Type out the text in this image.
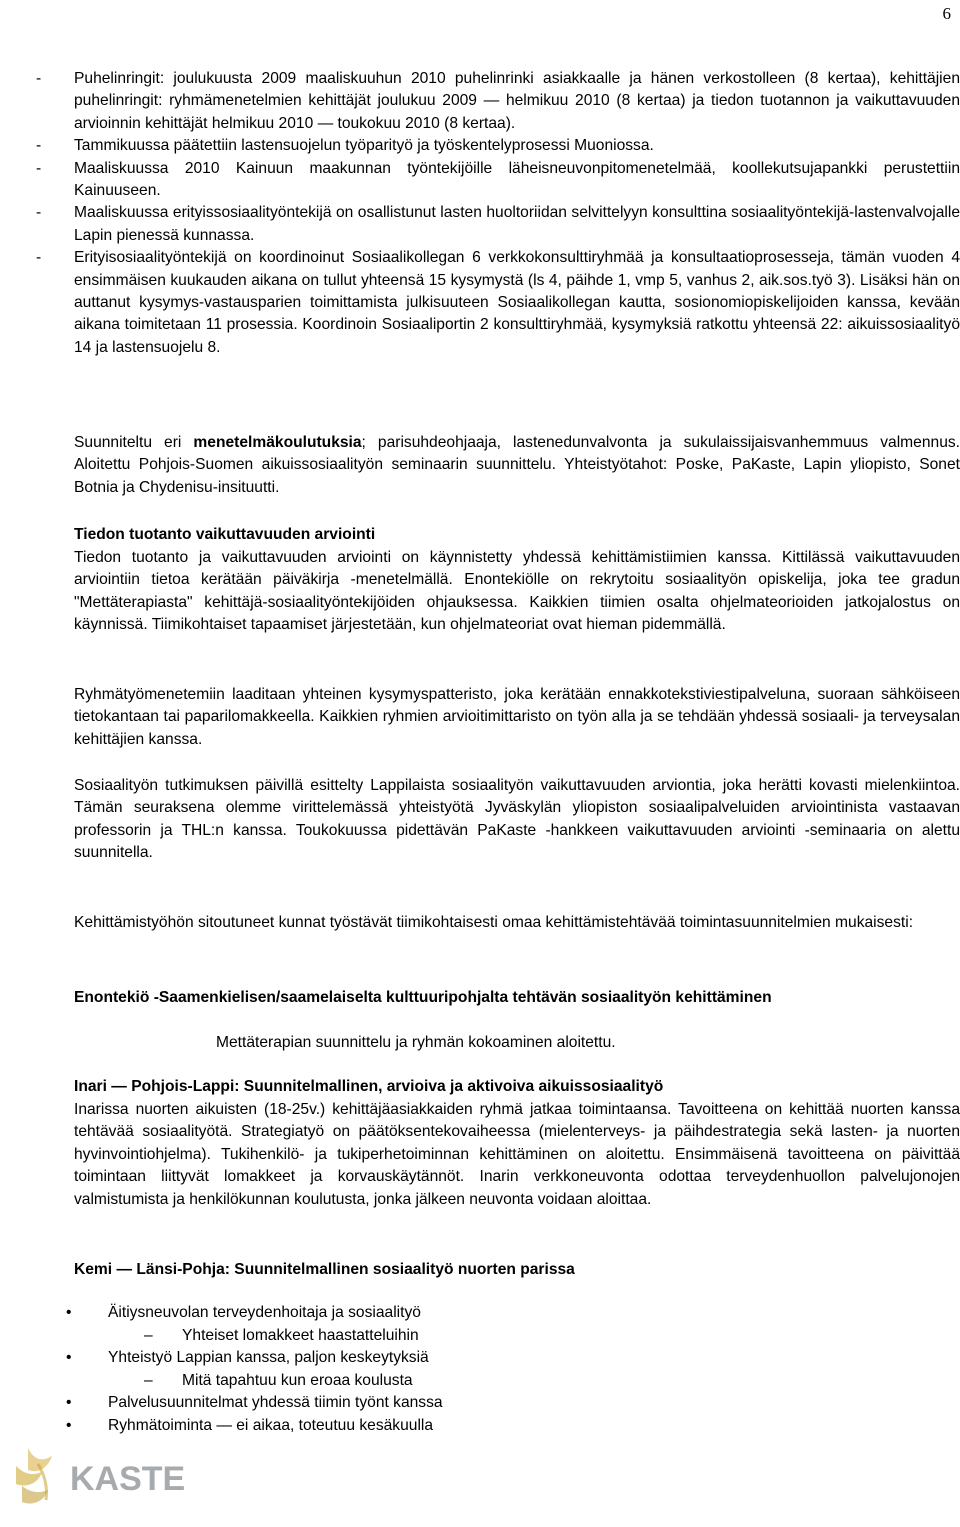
6
- Puhelinringit: joulukuusta 2009 maaliskuuhun 2010 puhelinrinki asiakkaalle ja hänen verkostolleen (8 kertaa), kehittäjien puhelinringit: ryhmämenetelmien kehittäjät joulukuu 2009 — helmikuu 2010 (8 kertaa) ja tiedon tuotannon ja vaikuttavuuden arvioinnin kehittäjät helmikuu 2010 — toukokuu 2010 (8 kertaa).
- Tammikuussa päätettiin lastensuojelun työparityö ja työskentelyprosessi Muoniossa.
- Maaliskuussa 2010 Kainuun maakunnan työntekijöille läheisneuvonpitomenetelmää, koollekutsujapankki perustettiin Kainuuseen.
- Maaliskuussa erityissosiaalityöntekijä on osallistunut lasten huoltoriidan selvittelyyn konsulttina sosiaalityöntekijä-lastenvalvojalle Lapin pienessä kunnassa.
- Erityisosiaalityöntekijä on koordinoinut Sosiaalikollegan 6 verkkokonsulttiryhmää ja konsultaatioprosesseja, tämän vuoden 4 ensimmäisen kuukauden aikana on tullut yhteensä 15 kysymystä (ls 4, päihde 1, vmp 5, vanhus 2, aik.sos.työ 3). Lisäksi hän on auttanut kysymys-vastausparien toimittamista julkisuuteen Sosiaalikollegan kautta, sosionomiopiskelijoiden kanssa, kevään aikana toimitetaan 11 prosessia. Koordinoin Sosiaaliportin 2 konsulttiryhmää, kysymyksiä ratkottu yhteensä 22: aikuissosiaalityö 14 ja lastensuojelu 8.

Suunniteltu eri menetelmäkoulutuksia; parisuhdeohjaaja, lastenedunvalvonta ja sukulaissijaisvanhemmuus valmennus. Aloitettu Pohjois-Suomen aikuissosiaalityön seminaarin suunnittelu. Yhteistyötahot: Poske, PaKaste, Lapin yliopisto, Sonet Botnia ja Chydenisu-insituutti.

Tiedon tuotanto vaikuttavuuden arviointi

Tiedon tuotanto ja vaikuttavuuden arviointi on käynnistetty yhdessä kehittämistiimien kanssa. Kittilässä vaikuttavuuden arviointiin tietoa kerätään päiväkirja -menetelmällä. Enontekiölle on rekrytoitu sosiaalityön opiskelija, joka tee gradun "Mettäterapiasta" kehittäjä-sosiaalityöntekijöiden ohjauksessa. Kaikkien tiimien osalta ohjelmateorioiden jatkojalostus on käynnissä. Tiimikohtaiset tapaamiset järjestetään, kun ohjelmateoriat ovat hieman pidemmällä.

Ryhmätyömenetemiin laaditaan yhteinen kysymyspatteristo, joka kerätään ennakkotekstiviestipalveluna, suoraan sähköiseen tietokantaan tai paparilomakkeella. Kaikkien ryhmien arvioitimittaristo on työn alla ja se tehdään yhdessä sosiaali- ja terveysalan kehittäjien kanssa.

Sosiaalityön tutkimuksen päivillä esittelty Lappilaista sosiaalityön vaikuttavuuden arviontia, joka herätti kovasti mielenkiintoa. Tämän seuraksena olemme virittelemässä yhteistyötä Jyväskylän yliopiston sosiaalipalveluiden arviointinista vastaavan professorin ja THL:n kanssa. Toukokuussa pidettävän PaKaste -hankkeen vaikuttavuuden arviointi -seminaaria on alettu suunnitella.

Kehittämistyöhön sitoutuneet kunnat työstävät tiimikohtaisesti omaa kehittämistehtävää toimintasuunnitelmien mukaisesti:

Enontekiö -Saamenkielisen/saamelaiselta kulttuuripohjalta tehtävän sosiaalityön kehittäminen

Mettäterapian suunnittelu ja ryhmän kokoaminen aloitettu.

Inari — Pohjois-Lappi: Suunnitelmallinen, arvioiva ja aktivoiva aikuissosiaalityö

Inarissa nuorten aikuisten (18-25v.) kehittäjäasiakkaiden ryhmä jatkaa toimintaansa. Tavoitteena on kehittää nuorten kanssa tehtävää sosiaalityötä. Strategiatyö on päätöksentekovaiheessa (mielenterveys- ja päihdestrategia sekä lasten- ja nuorten hyvinvointiohjelma). Tukihenkilö- ja tukiperhetoiminnan kehittäminen on aloitettu. Ensimmäisenä tavoitteena on päivittää toimintaan liittyvät lomakkeet ja korvauskäytännöt. Inarin verkkoneuvonta odottaa terveydenhuollon palvelujonojen valmistumista ja henkilökunnan koulutusta, jonka jälkeen neuvonta voidaan aloittaa.

Kemi — Länsi-Pohja: Suunnitelmallinen sosiaalityö nuorten parissa

• Äitiysneuvolan terveydenhoitaja ja sosiaalityö
– Yhteiset lomakkeet haastatteluihin
• Yhteistyö Lappian kanssa, paljon keskeytyksiä
– Mitä tapahtuu kun eroaa koulusta
• Palvelusuunnitelmat yhdessä tiimin työnt kanssa
• Ryhmätoiminta — ei aikaa, toteutuu kesäkuulla
KASTE
